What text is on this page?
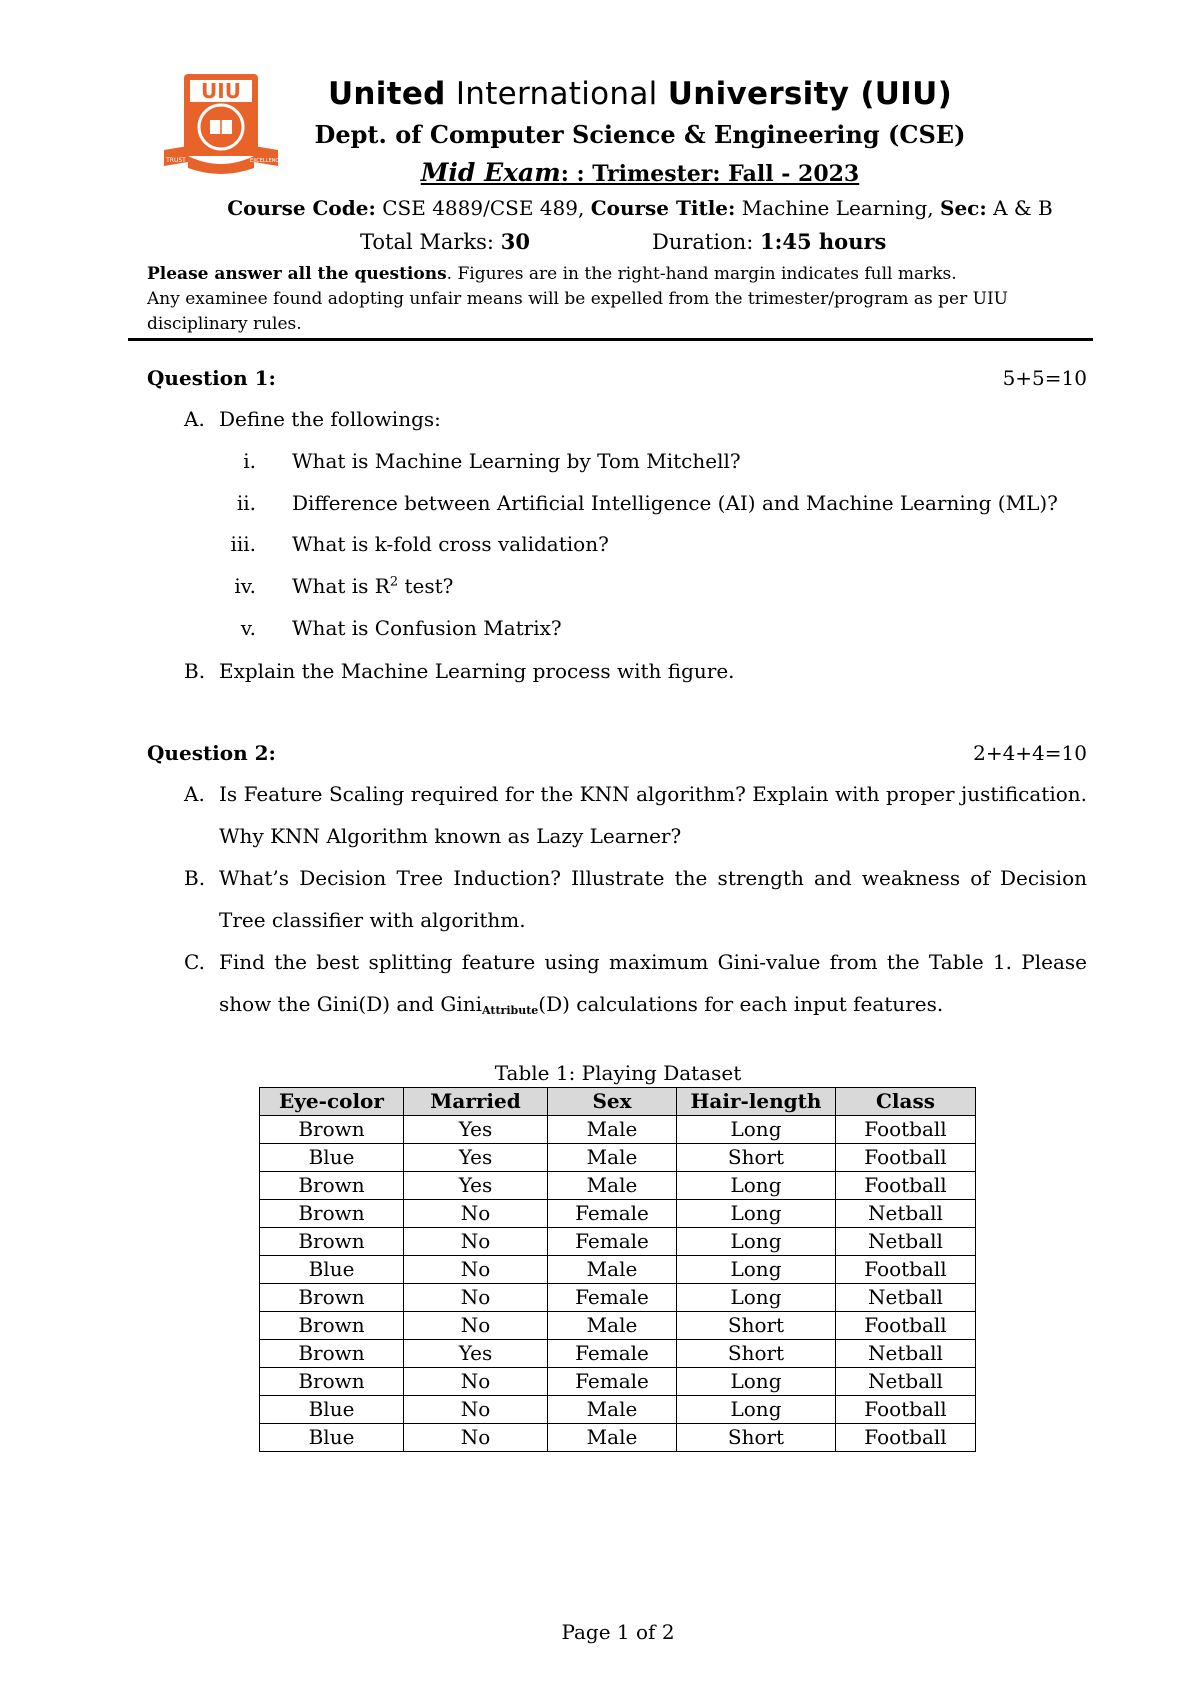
UIU
TRUST	EXCELLENCE
United International University (UIU)
Dept. of Computer Science & Engineering (CSE)
Mid Exam: : Trimester: Fall - 2023
Course Code: CSE 4889/CSE 489, Course Title: Machine Learning, Sec: A & B
Total Marks: 30	Duration: 1:45 hours
Please answer all the questions. Figures are in the right-hand margin indicates full marks.
Any examinee found adopting unfair means will be expelled from the trimester/program as per UIU disciplinary rules.
Question 1:	5+5=10
A. Define the followings:
i. What is Machine Learning by Tom Mitchell?
ii. Difference between Artificial Intelligence (AI) and Machine Learning (ML)?
iii. What is k-fold cross validation?
iv. What is $R^2$ test?
v. What is Confusion Matrix?
B. Explain the Machine Learning process with figure.
Question 2:	2+4+4=10
A. Is Feature Scaling required for the KNN algorithm? Explain with proper justification. Why KNN Algorithm known as Lazy Learner?
B. What’s Decision Tree Induction? Illustrate the strength and weakness of Decision Tree classifier with algorithm.
C. Find the best splitting feature using maximum Gini-value from the Table 1. Please show the Gini(D) and Gini$_{Attribute}$(D) calculations for each input features.
Table 1: Playing Dataset
Eye-color	Married	Sex	Hair-length	Class
Brown	Yes	Male	Long	Football
Blue	Yes	Male	Short	Football
Brown	Yes	Male	Long	Football
Brown	No	Female	Long	Netball
Brown	No	Female	Long	Netball
Blue	No	Male	Long	Football
Brown	No	Female	Long	Netball
Brown	No	Male	Short	Football
Brown	Yes	Female	Short	Netball
Brown	No	Female	Long	Netball
Blue	No	Male	Long	Football
Blue	No	Male	Short	Football
Page 1 of 2
